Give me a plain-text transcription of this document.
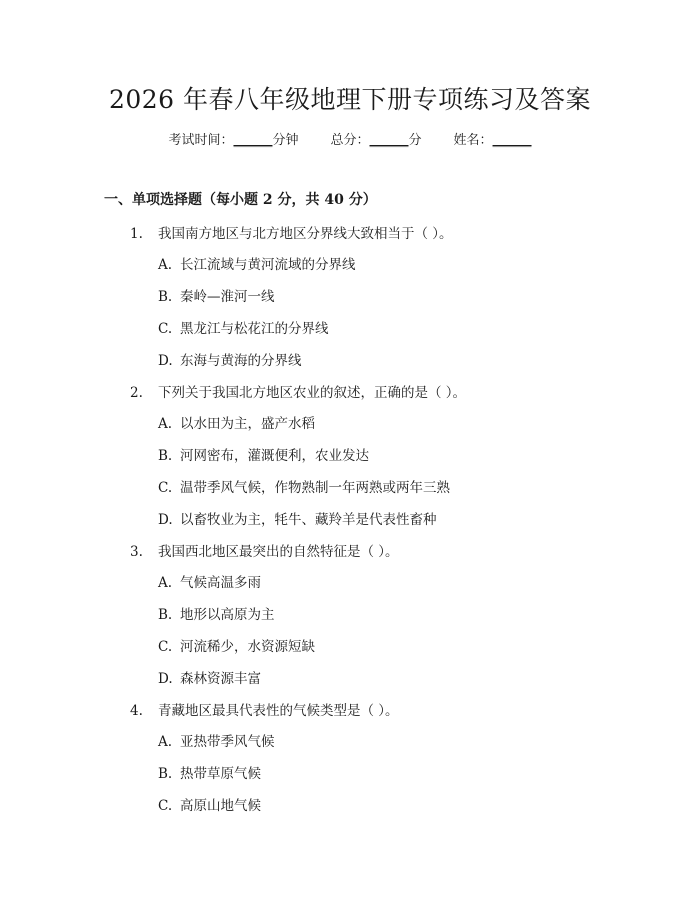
2026 年春八年级地理下册专项练习及答案
考试时间：______分钟 总分：______分 姓名：______
一、单项选择题（每小题 2 分，共 40 分）
1. 我国南方地区与北方地区分界线大致相当于（ ）。
A. 长江流域与黄河流域的分界线
B. 秦岭—淮河一线
C. 黑龙江与松花江的分界线
D. 东海与黄海的分界线
2. 下列关于我国北方地区农业的叙述，正确的是（ ）。
A. 以水田为主，盛产水稻
B. 河网密布，灌溉便利，农业发达
C. 温带季风气候，作物熟制一年两熟或两年三熟
D. 以畜牧业为主，牦牛、藏羚羊是代表性畜种
3. 我国西北地区最突出的自然特征是（ ）。
A. 气候高温多雨
B. 地形以高原为主
C. 河流稀少，水资源短缺
D. 森林资源丰富
4. 青藏地区最具代表性的气候类型是（ ）。
A. 亚热带季风气候
B. 热带草原气候
C. 高原山地气候
